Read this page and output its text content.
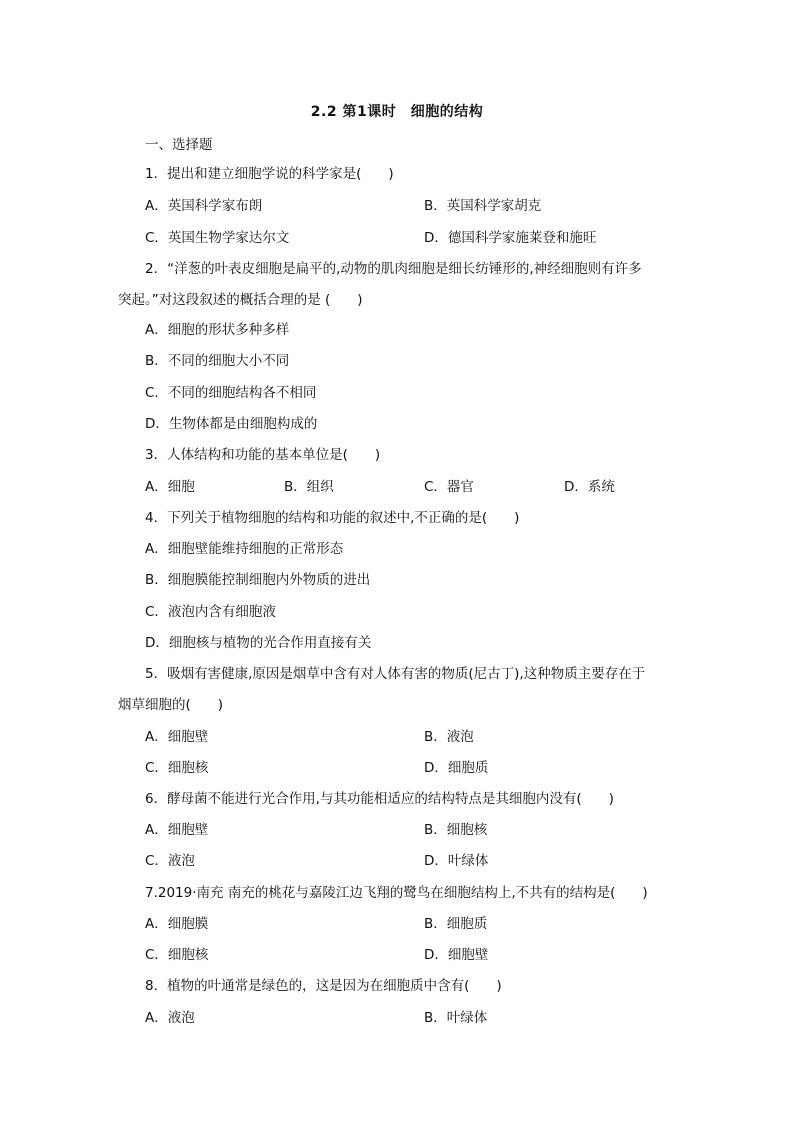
2.2 第1课时　细胞的结构
一、选择题
1．提出和建立细胞学说的科学家是(　　)
A．英国科学家布朗	B．英国科学家胡克
C．英国生物学家达尔文	D．德国科学家施莱登和施旺
2．“洋葱的叶表皮细胞是扁平的,动物的肌肉细胞是细长纺锤形的,神经细胞则有许多
突起。”对这段叙述的概括合理的是 (　　)
A．细胞的形状多种多样
B．不同的细胞大小不同
C．不同的细胞结构各不相同
D．生物体都是由细胞构成的
3．人体结构和功能的基本单位是(　　)
A．细胞	B．组织	C．器官	D．系统
4．下列关于植物细胞的结构和功能的叙述中,不正确的是(　　)
A．细胞壁能维持细胞的正常形态
B．细胞膜能控制细胞内外物质的进出
C．液泡内含有细胞液
D．细胞核与植物的光合作用直接有关
5．吸烟有害健康,原因是烟草中含有对人体有害的物质(尼古丁),这种物质主要存在于
烟草细胞的(　　)
A．细胞壁	B．液泡
C．细胞核	D．细胞质
6．酵母菌不能进行光合作用,与其功能相适应的结构特点是其细胞内没有(　　)
A．细胞壁	B．细胞核
C．液泡	D．叶绿体
7.2019·南充 南充的桃花与嘉陵江边飞翔的鹭鸟在细胞结构上,不共有的结构是(　　)
A．细胞膜	B．细胞质
C．细胞核	D．细胞壁
8．植物的叶通常是绿色的，这是因为在细胞质中含有(　　)
A．液泡	B．叶绿体
